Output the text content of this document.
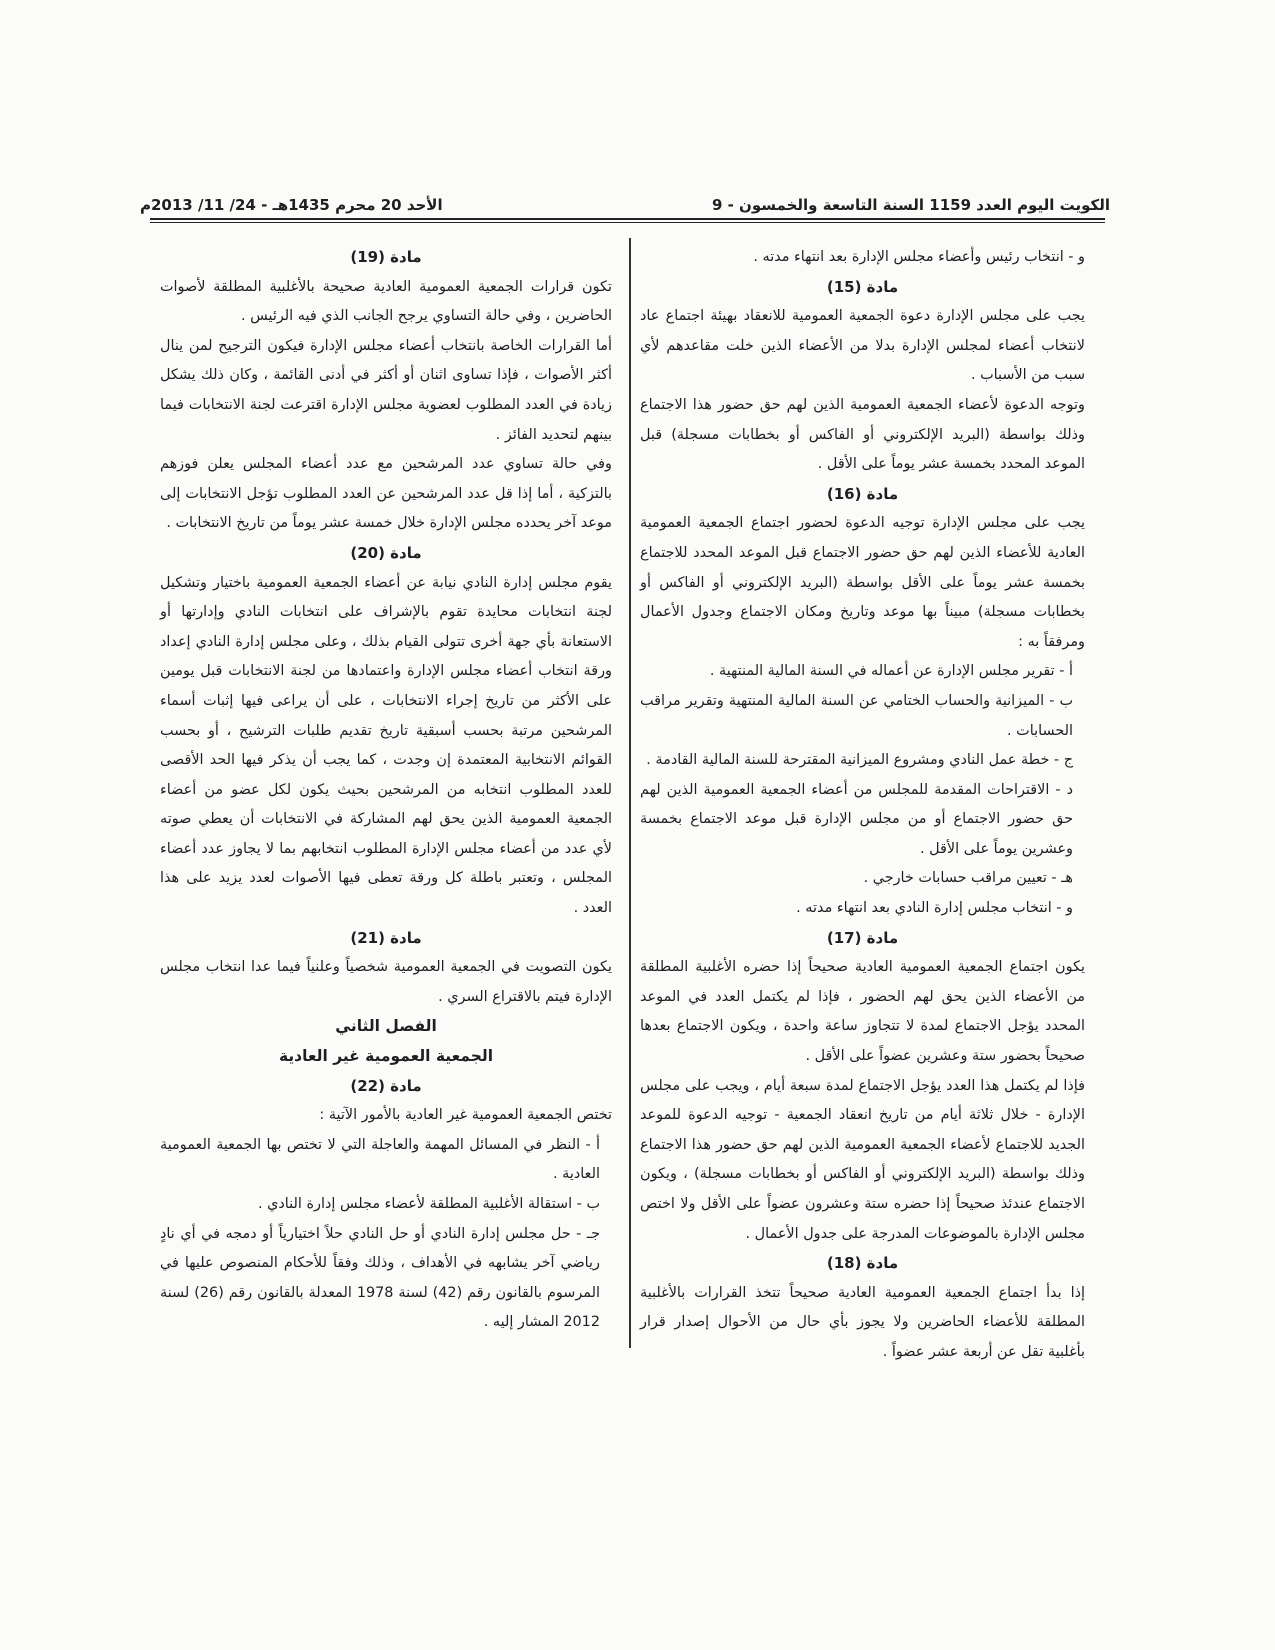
الكويت اليوم العدد 1159 السنة التاسعة والخمسون - 9
الأحد 20 محرم 1435هـ - 24/ 11/ 2013م

و - انتخاب رئيس وأعضاء مجلس الإدارة بعد انتهاء مدته .

مادة (15)

يجب على مجلس الإدارة دعوة الجمعية العمومية للانعقاد بهيئة اجتماع عاد لانتخاب أعضاء لمجلس الإدارة بدلا من الأعضاء الذين خلت مقاعدهم لأي سبب من الأسباب .

وتوجه الدعوة لأعضاء الجمعية العمومية الذين لهم حق حضور هذا الاجتماع وذلك بواسطة (البريد الإلكتروني أو الفاكس أو بخطابات مسجلة) قبل الموعد المحدد بخمسة عشر يوماً على الأقل .

مادة (16)

يجب على مجلس الإدارة توجيه الدعوة لحضور اجتماع الجمعية العمومية العادية للأعضاء الذين لهم حق حضور الاجتماع قبل الموعد المحدد للاجتماع بخمسة عشر يوماً على الأقل بواسطة (البريد الإلكتروني أو الفاكس أو بخطابات مسجلة) مبيناً بها موعد وتاريخ ومكان الاجتماع وجدول الأعمال ومرفقاً به :

أ - تقرير مجلس الإدارة عن أعماله في السنة المالية المنتهية .

ب - الميزانية والحساب الختامي عن السنة المالية المنتهية وتقرير مراقب الحسابات .

ج - خطة عمل النادي ومشروع الميزانية المقترحة للسنة المالية القادمة .

د - الاقتراحات المقدمة للمجلس من أعضاء الجمعية العمومية الذين لهم حق حضور الاجتماع أو من مجلس الإدارة قبل موعد الاجتماع بخمسة وعشرين يوماً على الأقل .

هـ - تعيين مراقب حسابات خارجي .

و - انتخاب مجلس إدارة النادي بعد انتهاء مدته .

مادة (17)

يكون اجتماع الجمعية العمومية العادية صحيحاً إذا حضره الأغلبية المطلقة من الأعضاء الذين يحق لهم الحضور ، فإذا لم يكتمل العدد في الموعد المحدد يؤجل الاجتماع لمدة لا تتجاوز ساعة واحدة ، ويكون الاجتماع بعدها صحيحاً بحضور ستة وعشرين عضواً على الأقل .

فإذا لم يكتمل هذا العدد يؤجل الاجتماع لمدة سبعة أيام ، ويجب على مجلس الإدارة - خلال ثلاثة أيام من تاريخ انعقاد الجمعية - توجيه الدعوة للموعد الجديد للاجتماع لأعضاء الجمعية العمومية الذين لهم حق حضور هذا الاجتماع وذلك بواسطة (البريد الإلكتروني أو الفاكس أو بخطابات مسجلة) ، ويكون الاجتماع عندئذ صحيحاً إذا حضره ستة وعشرون عضواً على الأقل ولا اختص مجلس الإدارة بالموضوعات المدرجة على جدول الأعمال .

مادة (18)

إذا بدأ اجتماع الجمعية العمومية العادية صحيحاً تتخذ القرارات بالأغلبية المطلقة للأعضاء الحاضرين ولا يجوز بأي حال من الأحوال إصدار قرار بأغلبية تقل عن أربعة عشر عضواً .

مادة (19)

تكون قرارات الجمعية العمومية العادية صحيحة بالأغلبية المطلقة لأصوات الحاضرين ، وفي حالة التساوي يرجح الجانب الذي فيه الرئيس .

أما القرارات الخاصة بانتخاب أعضاء مجلس الإدارة فيكون الترجيح لمن ينال أكثر الأصوات ، فإذا تساوى اثنان أو أكثر في أدنى القائمة ، وكان ذلك يشكل زيادة في العدد المطلوب لعضوية مجلس الإدارة اقترعت لجنة الانتخابات فيما بينهم لتحديد الفائز .

وفي حالة تساوي عدد المرشحين مع عدد أعضاء المجلس يعلن فوزهم بالتزكية ، أما إذا قل عدد المرشحين عن العدد المطلوب تؤجل الانتخابات إلى موعد آخر يحدده مجلس الإدارة خلال خمسة عشر يوماً من تاريخ الانتخابات .

مادة (20)

يقوم مجلس إدارة النادي نيابة عن أعضاء الجمعية العمومية باختيار وتشكيل لجنة انتخابات محايدة تقوم بالإشراف على انتخابات النادي وإدارتها أو الاستعانة بأي جهة أخرى تتولى القيام بذلك ، وعلى مجلس إدارة النادي إعداد ورقة انتخاب أعضاء مجلس الإدارة واعتمادها من لجنة الانتخابات قبل يومين على الأكثر من تاريخ إجراء الانتخابات ، على أن يراعى فيها إثبات أسماء المرشحين مرتبة بحسب أسبقية تاريخ تقديم طلبات الترشيح ، أو بحسب القوائم الانتخابية المعتمدة إن وجدت ، كما يجب أن يذكر فيها الحد الأقصى للعدد المطلوب انتخابه من المرشحين بحيث يكون لكل عضو من أعضاء الجمعية العمومية الذين يحق لهم المشاركة في الانتخابات أن يعطي صوته لأي عدد من أعضاء مجلس الإدارة المطلوب انتخابهم بما لا يجاوز عدد أعضاء المجلس ، وتعتبر باطلة كل ورقة تعطى فيها الأصوات لعدد يزيد على هذا العدد .

مادة (21)

يكون التصويت في الجمعية العمومية شخصياً وعلنياً فيما عدا انتخاب مجلس الإدارة فيتم بالاقتراع السري .

الفصل الثاني

الجمعية العمومية غير العادية

مادة (22)

تختص الجمعية العمومية غير العادية بالأمور الآتية :

أ - النظر في المسائل المهمة والعاجلة التي لا تختص بها الجمعية العمومية العادية .

ب - استقالة الأغلبية المطلقة لأعضاء مجلس إدارة النادي .

جـ - حل مجلس إدارة النادي أو حل النادي حلاً اختيارياً أو دمجه في أي نادٍ رياضي آخر يشابهه في الأهداف ، وذلك وفقاً للأحكام المنصوص عليها في المرسوم بالقانون رقم (42) لسنة 1978 المعدلة بالقانون رقم (26) لسنة 2012 المشار إليه .
